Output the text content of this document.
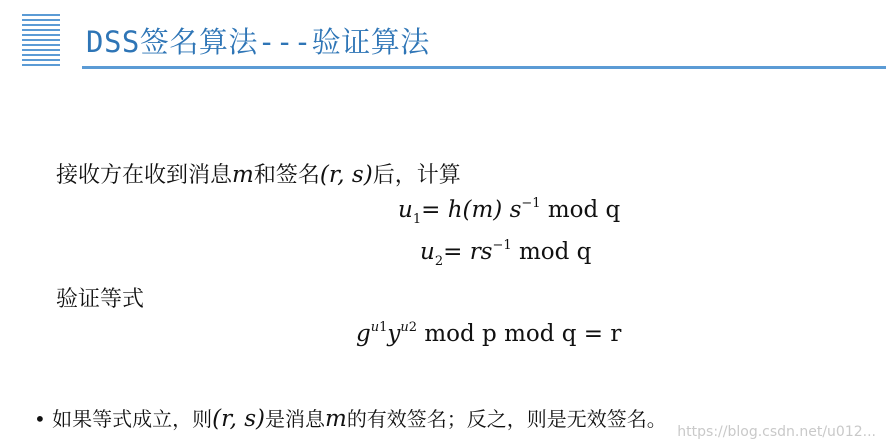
DSS签名算法---验证算法
接收方在收到消息m和签名(r, s)后，计算
$u_1= h(m)$ $s^{-1}$ mod q
$u_2= rs^{-1}$ mod q
验证等式
$g^{u1}y^{u2}$ mod p mod q = r
• 如果等式成立，则(r, s)是消息m的有效签名；反之，则是无效签名。
https://blog.csdn.net/u012...
